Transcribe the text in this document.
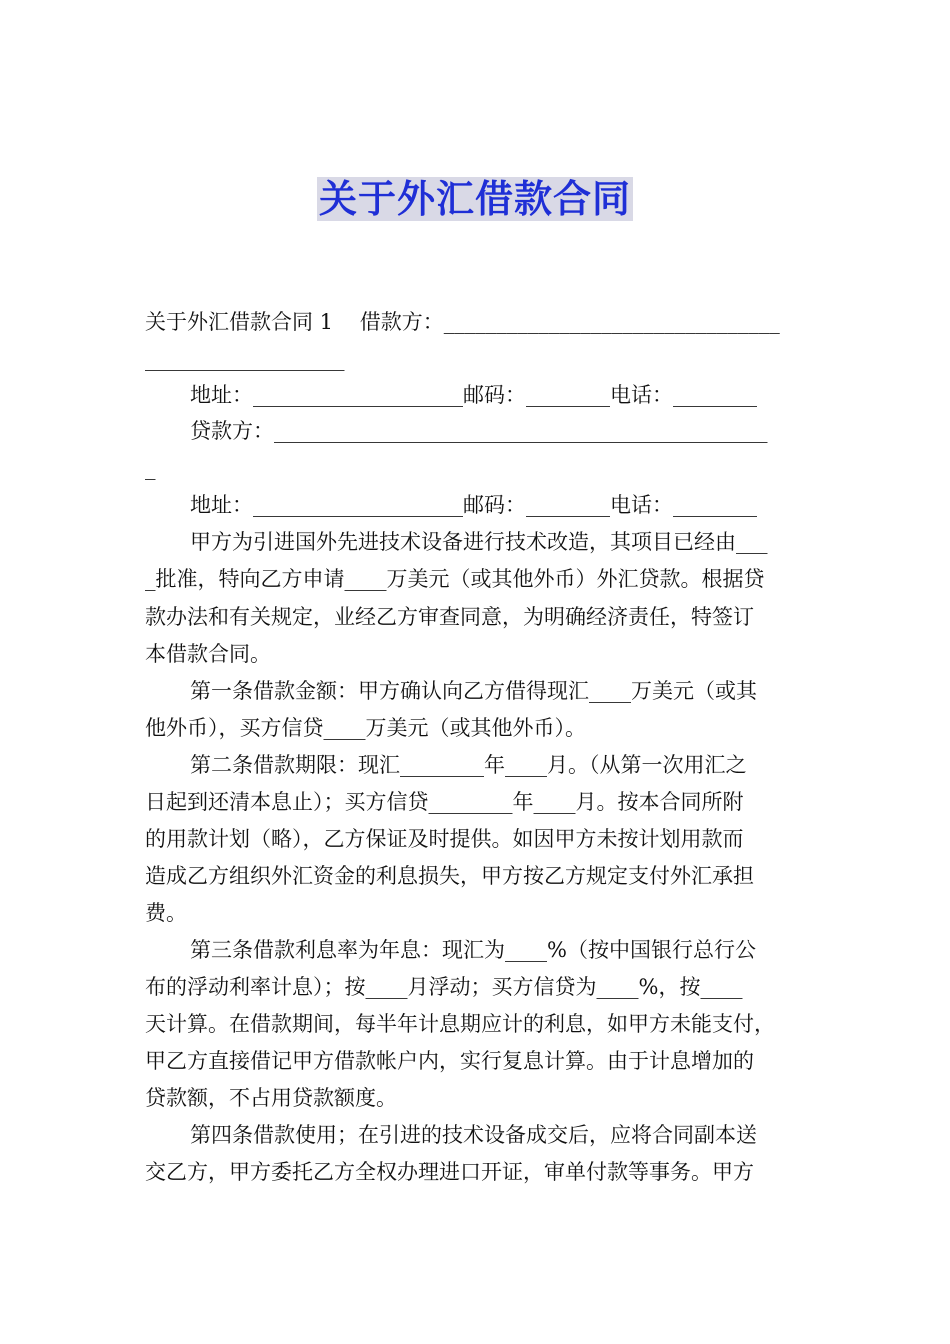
关于外汇借款合同
关于外汇借款合同 1    借款方：________________________________
___________________
地址：____________________邮码：________电话：________
贷款方：_______________________________________________
_
地址：____________________邮码：________电话：________
甲方为引进国外先进技术设备进行技术改造，其项目已经由___
_批准，特向乙方申请____万美元（或其他外币）外汇贷款。根据贷
款办法和有关规定，业经乙方审查同意，为明确经济责任，特签订
本借款合同。
第一条借款金额：甲方确认向乙方借得现汇____万美元（或其
他外币），买方信贷____万美元（或其他外币）。
第二条借款期限：现汇________年____月。（从第一次用汇之
日起到还清本息止）；买方信贷________年____月。按本合同所附
的用款计划（略），乙方保证及时提供。如因甲方未按计划用款而
造成乙方组织外汇资金的利息损失，甲方按乙方规定支付外汇承担
费。
第三条借款利息率为年息：现汇为____%（按中国银行总行公
布的浮动利率计息）；按____月浮动；买方信贷为____%，按____
天计算。在借款期间，每半年计息期应计的利息，如甲方未能支付，
甲乙方直接借记甲方借款帐户内，实行复息计算。由于计息增加的
贷款额，不占用贷款额度。
第四条借款使用；在引进的技术设备成交后，应将合同副本送
交乙方，甲方委托乙方全权办理进口开证，审单付款等事务。甲方
